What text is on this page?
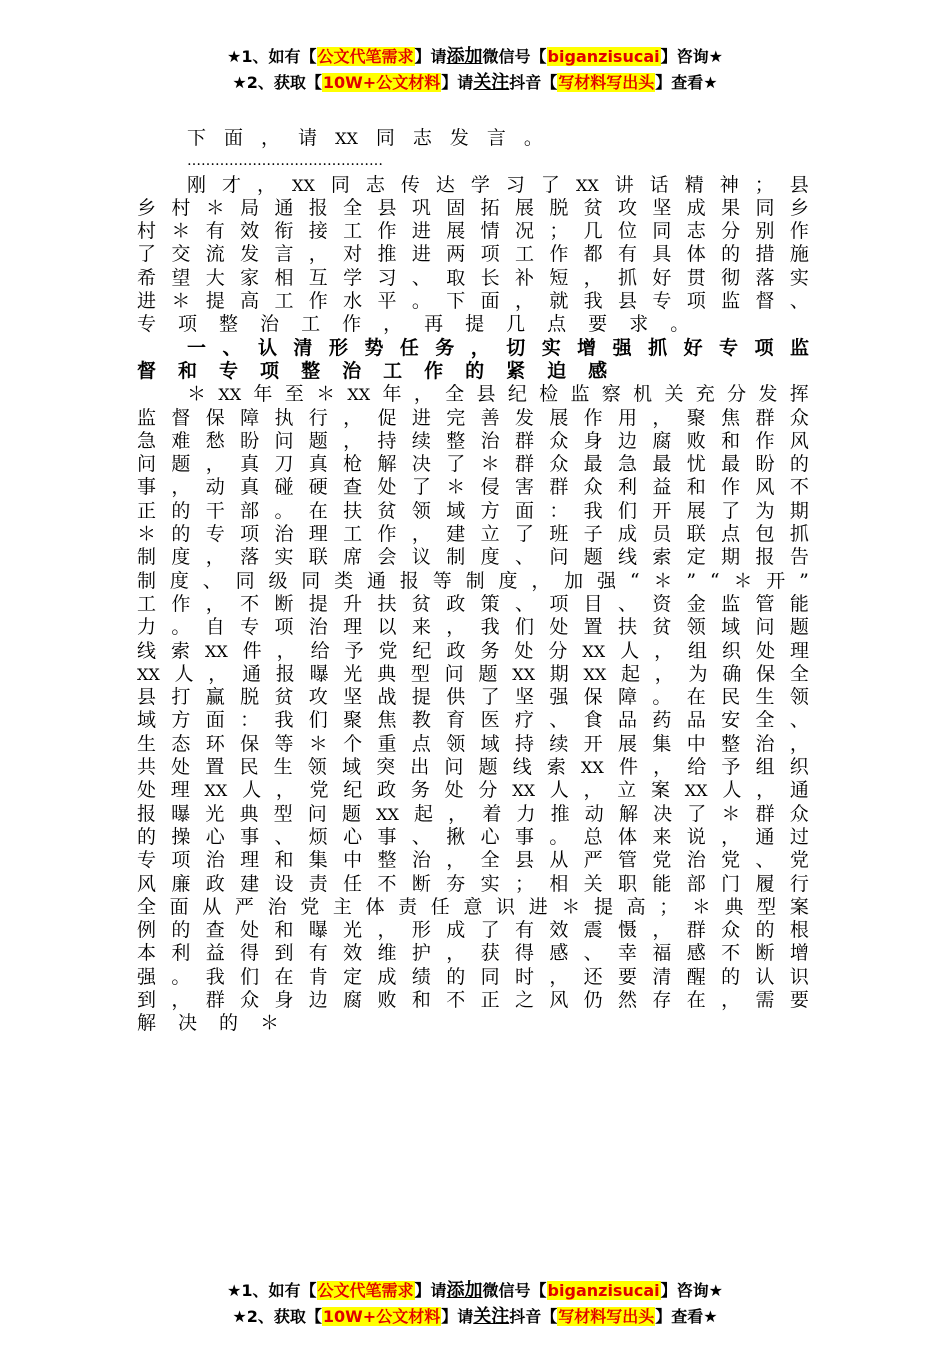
★1、如有【公文代笔需求】请添加微信号【biganzisucai】咨询★
★2、获取【10W+公文材料】请关注抖音【写材料写出头】查看★
下 面 ， 请 XX 同 志 发 言 。
……………………………………
刚 才 ， XX 同 志 传 达 学 习 了 XX 讲 话 精 神 ； 县
乡 村 ＊ 局 通 报 全 县 巩 固 拓 展 脱 贫 攻 坚 成 果 同 乡
村 ＊ 有 效 衔 接 工 作 进 展 情 况 ； 几 位 同 志 分 别 作
了 交 流 发 言 ， 对 推 进 两 项 工 作 都 有 具 体 的 措 施
希 望 大 家 相 互 学 习 、 取 长 补 短 ， 抓 好 贯 彻 落 实
进 ＊ 提 高 工 作 水 平 。 下 面 ， 就 我 县 专 项 监 督 、
专 项 整 治 工 作 ， 再 提 几 点 要 求 。
一 、 认 清 形 势 任 务 ， 切 实 增 强 抓 好 专 项 监
督 和 专 项 整 治 工 作 的 紧 迫 感
＊ XX 年 至 ＊ XX 年 ， 全 县 纪 检 监 察 机 关 充 分 发 挥
监 督 保 障 执 行 ， 促 进 完 善 发 展 作 用 ， 聚 焦 群 众
急 难 愁 盼 问 题 ， 持 续 整 治 群 众 身 边 腐 败 和 作 风
问 题 ， 真 刀 真 枪 解 决 了 ＊ 群 众 最 急 最 忧 最 盼 的
事 ， 动 真 碰 硬 查 处 了 ＊ 侵 害 群 众 利 益 和 作 风 不
正 的 干 部 。 在 扶 贫 领 域 方 面 ： 我 们 开 展 了 为 期
＊ 的 专 项 治 理 工 作 ， 建 立 了 班 子 成 员 联 点 包 抓
制 度 ， 落 实 联 席 会 议 制 度 、 问 题 线 索 定 期 报 告
制 度 、 同 级 同 类 通 报 等 制 度 ， 加 强 “ ＊ ” “ ＊ 开 ”
工 作 ， 不 断 提 升 扶 贫 政 策 、 项 目 、 资 金 监 管 能
力 。 自 专 项 治 理 以 来 ， 我 们 处 置 扶 贫 领 域 问 题
线 索 XX 件 ， 给 予 党 纪 政 务 处 分 XX 人 ， 组 织 处 理
XX 人 ， 通 报 曝 光 典 型 问 题 XX 期 XX 起 ， 为 确 保 全
县 打 赢 脱 贫 攻 坚 战 提 供 了 坚 强 保 障 。 在 民 生 领
域 方 面 ： 我 们 聚 焦 教 育 医 疗 、 食 品 药 品 安 全 、
生 态 环 保 等 ＊ 个 重 点 领 域 持 续 开 展 集 中 整 治 ，
共 处 置 民 生 领 域 突 出 问 题 线 索 XX 件 ， 给 予 组 织
处 理 XX 人 ， 党 纪 政 务 处 分 XX 人 ， 立 案 XX 人 ， 通
报 曝 光 典 型 问 题 XX 起 ， 着 力 推 动 解 决 了 ＊ 群 众
的 操 心 事 、 烦 心 事 、 揪 心 事 。 总 体 来 说 ， 通 过
专 项 治 理 和 集 中 整 治 ， 全 县 从 严 管 党 治 党 、 党
风 廉 政 建 设 责 任 不 断 夯 实 ； 相 关 职 能 部 门 履 行
全 面 从 严 治 党 主 体 责 任 意 识 进 ＊ 提 高 ； ＊ 典 型 案
例 的 查 处 和 曝 光 ， 形 成 了 有 效 震 慑 ， 群 众 的 根
本 利 益 得 到 有 效 维 护 ， 获 得 感 、 幸 福 感 不 断 增
强 。 我 们 在 肯 定 成 绩 的 同 时 ， 还 要 清 醒 的 认 识
到 ， 群 众 身 边 腐 败 和 不 正 之 风 仍 然 存 在 ， 需 要
解 决 的 ＊
★1、如有【公文代笔需求】请添加微信号【biganzisucai】咨询★
★2、获取【10W+公文材料】请关注抖音【写材料写出头】查看★
